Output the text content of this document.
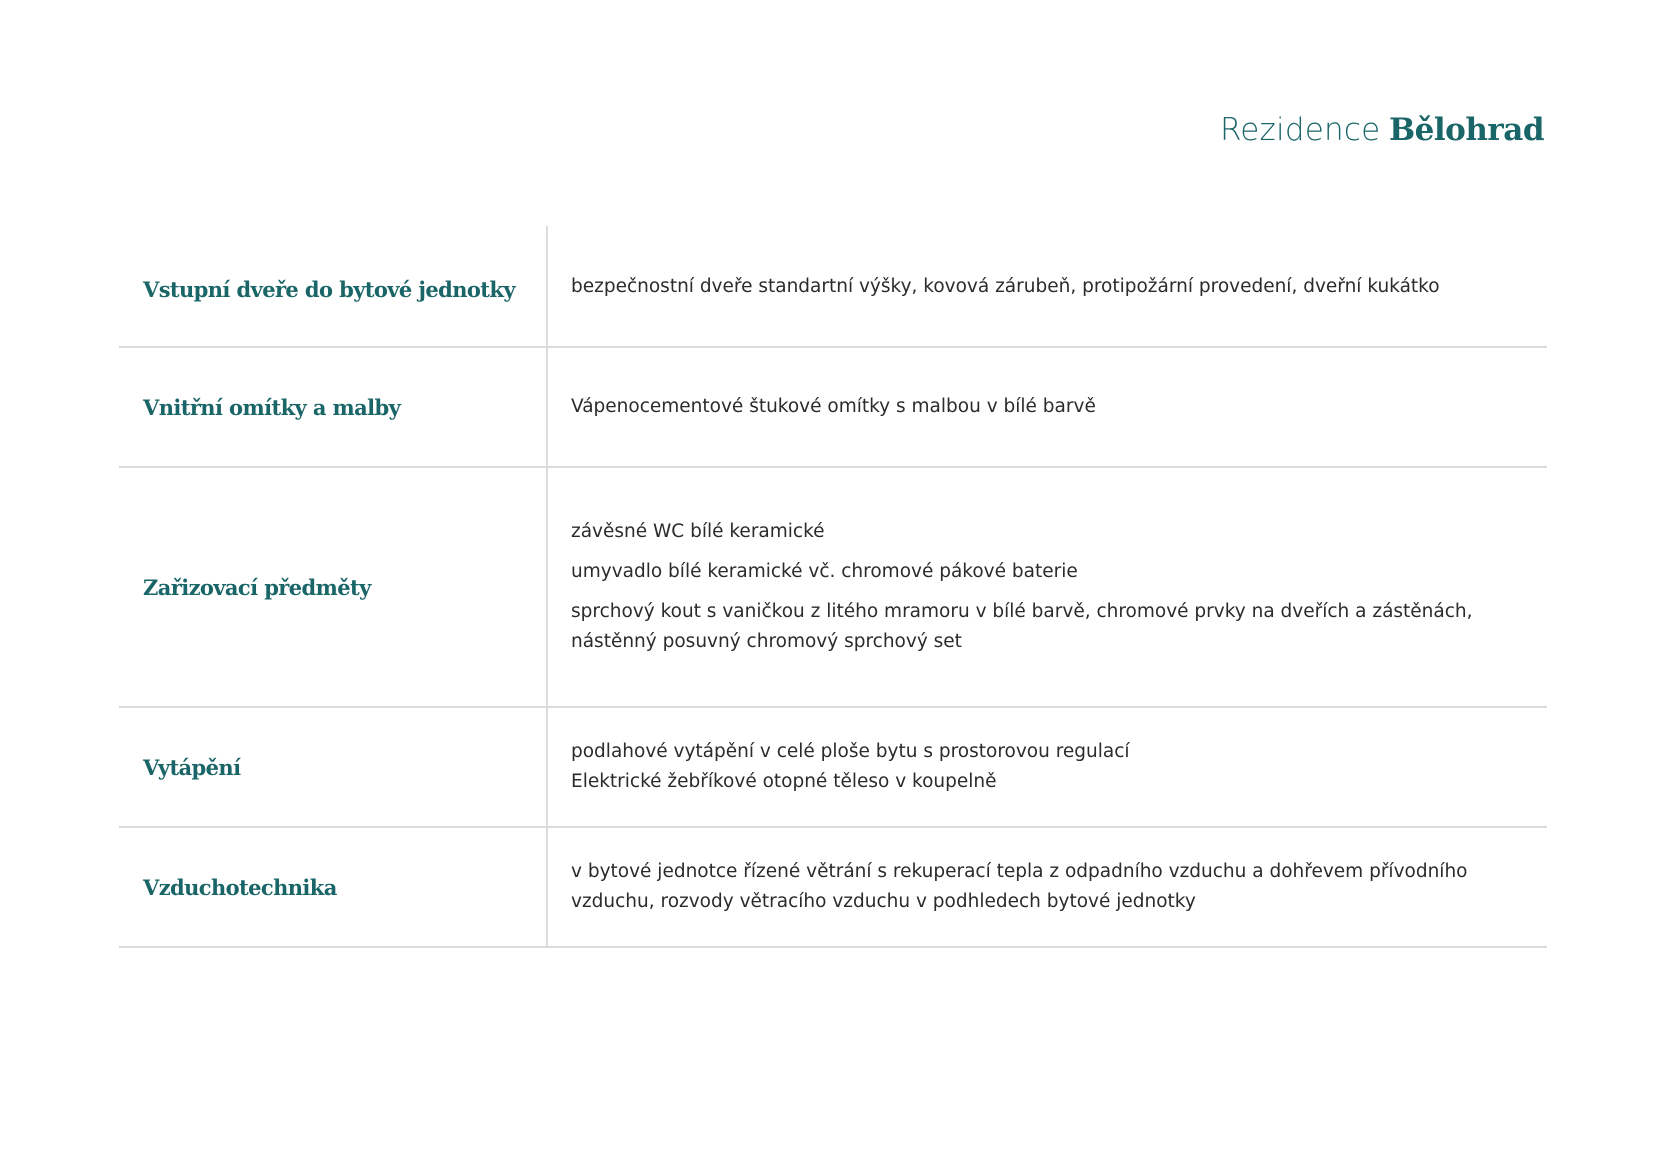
Rezidence Bělohrad
Vstupní dveře do bytové jednotky	bezpečnostní dveře standartní výšky, kovová zárubeň, protipožární provedení, dveřní kukátko
Vnitřní omítky a malby	Vápenocementové štukové omítky s malbou v bílé barvě
Zařizovací předměty
závěsné WC bílé keramické
umyvadlo bílé keramické vč. chromové pákové baterie
sprchový kout s vaničkou z litého mramoru v bílé barvě, chromové prvky na dveřích a zástěnách, nástěnný posuvný chromový sprchový set
Vytápění
podlahové vytápění v celé ploše bytu s prostorovou regulací
Elektrické žebříkové otopné těleso v koupelně
Vzduchotechnika
v bytové jednotce řízené větrání s rekuperací tepla z odpadního vzduchu a dohřevem přívodního vzduchu, rozvody větracího vzduchu v podhledech bytové jednotky
